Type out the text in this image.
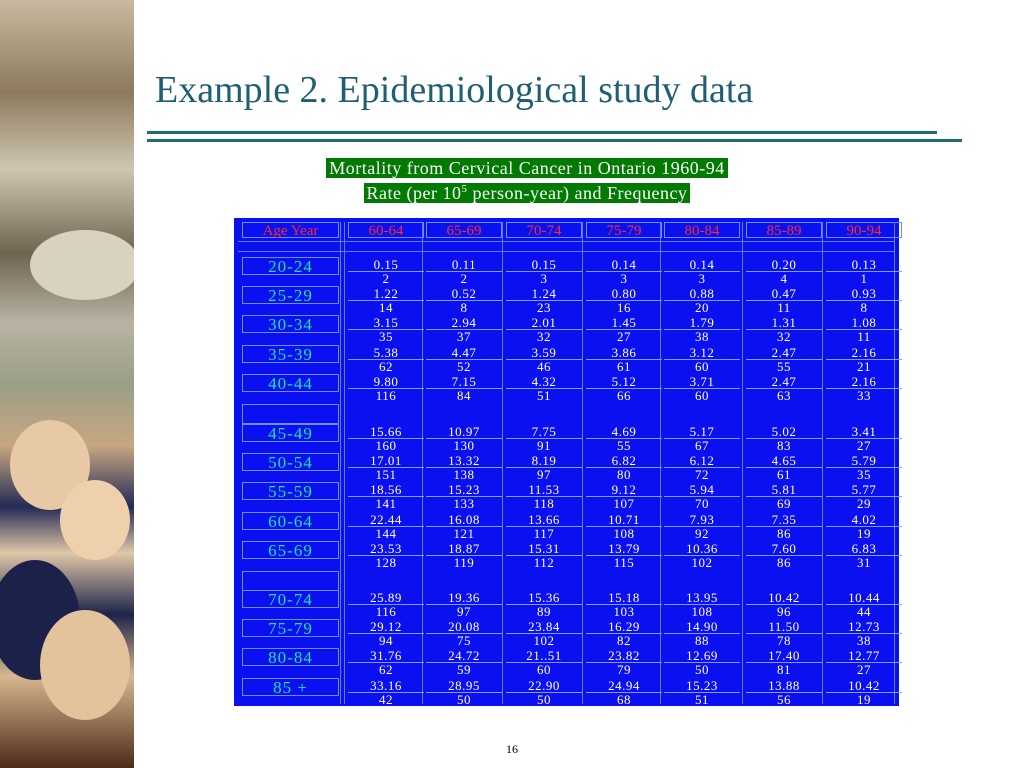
Example 2. Epidemiological study data
Mortality from Cervical Cancer in Ontario 1960-94
Rate (per $10^5$ person-year) and Frequency
Age Year	60-64	65-69	70-74	75-79	80-84	85-89	90-94
20-24	0.15	0.11	0.15	0.14	0.14	0.20	0.13
2	2	3	3	3	4	1
25-29	1.22	0.52	1.24	0.80	0.88	0.47	0.93
14	8	23	16	20	11	8
30-34	3.15	2.94	2.01	1.45	1.79	1.31	1.08
35	37	32	27	38	32	11
35-39	5.38	4.47	3.59	3.86	3.12	2.47	2.16
62	52	46	61	60	55	21
40-44	9.80	7.15	4.32	5.12	3.71	2.47	2.16
116	84	51	66	60	63	33
45-49	15.66	10.97	7.75	4.69	5.17	5.02	3.41
160	130	91	55	67	83	27
50-54	17.01	13.32	8.19	6.82	6.12	4.65	5.79
151	138	97	80	72	61	35
55-59	18.56	15.23	11.53	9.12	5.94	5.81	5.77
141	133	118	107	70	69	29
60-64	22.44	16.08	13.66	10.71	7.93	7.35	4.02
144	121	117	108	92	86	19
65-69	23.53	18.87	15.31	13.79	10.36	7.60	6.83
128	119	112	115	102	86	31
70-74	25.89	19.36	15.36	15.18	13.95	10.42	10.44
116	97	89	103	108	96	44
75-79	29.12	20.08	23.84	16.29	14.90	11.50	12.73
94	75	102	82	88	78	38
80-84	31.76	24.72	21..51	23.82	12.69	17.40	12.77
62	59	60	79	50	81	27
85 +	33.16	28.95	22.90	24.94	15.23	13.88	10.42
42	50	50	68	51	56	19
16
